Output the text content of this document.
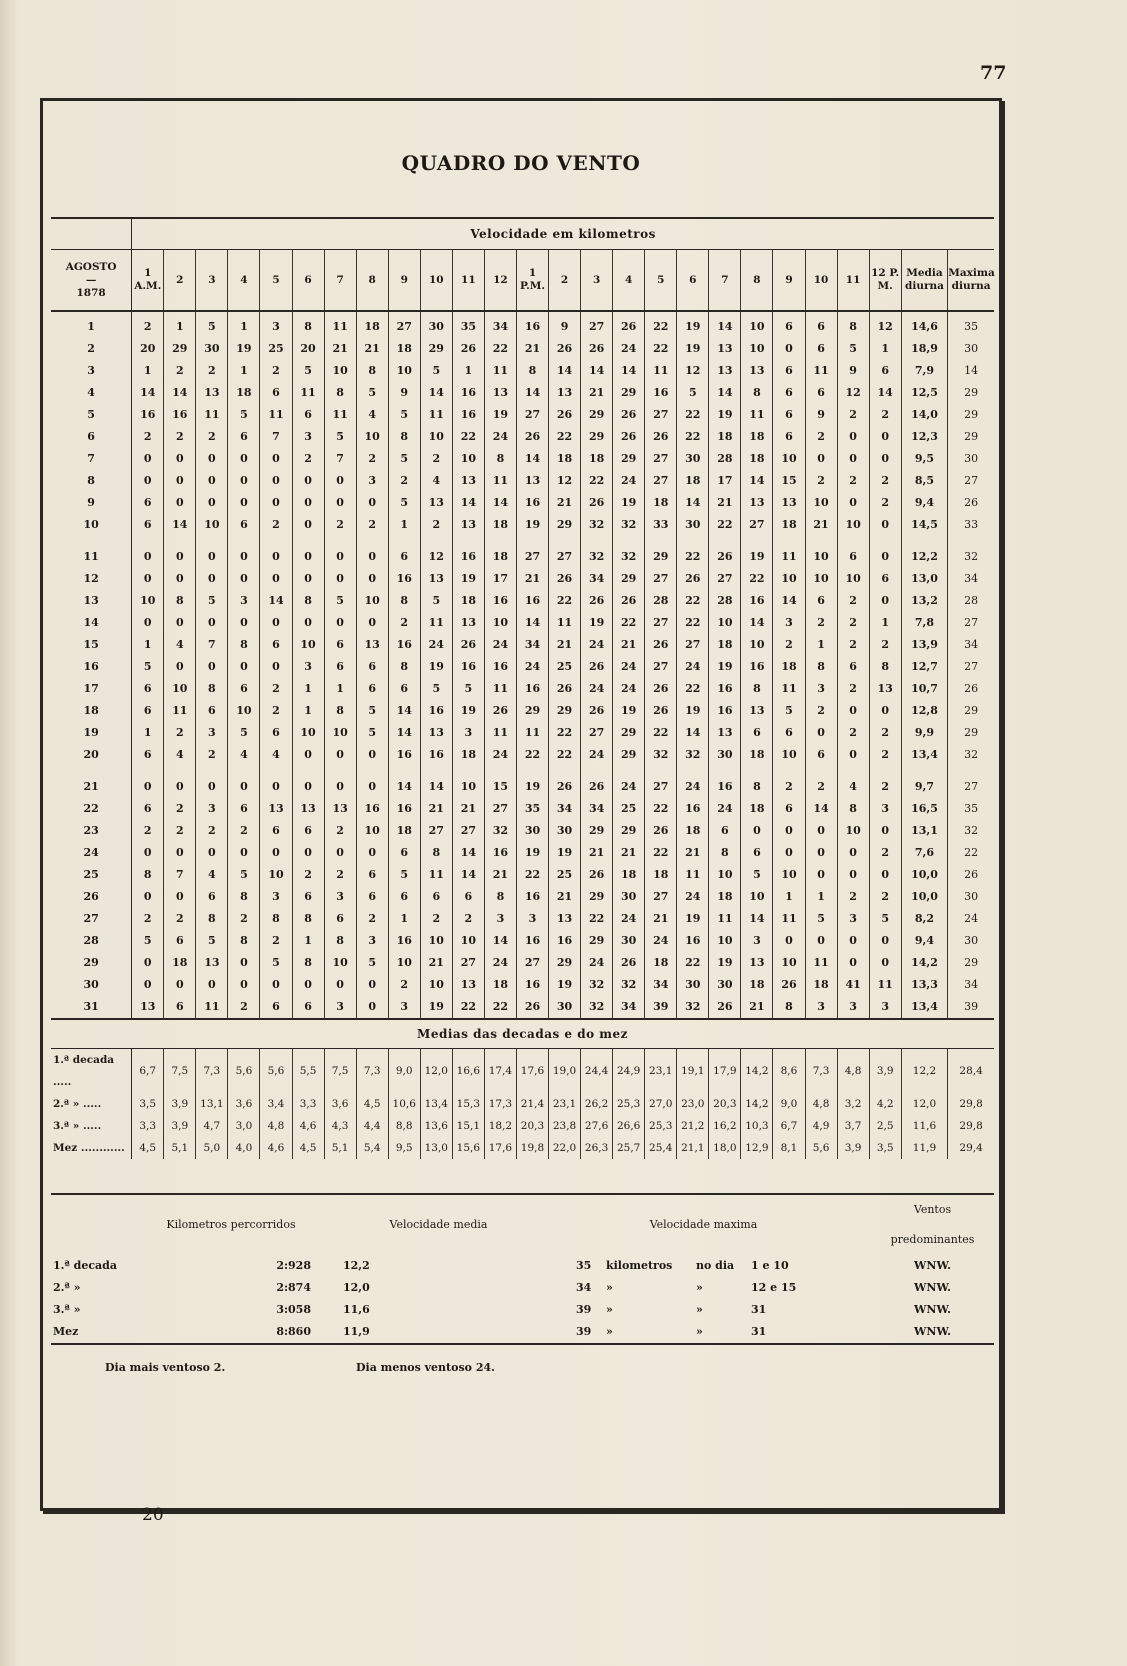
77
QUADRO DO VENTO
	Velocidade em kilometros																									
AGOSTO
—
1878	1 A.M.	2	3	4	5	6	7	8	9	10	11	12	1 P.M.	2	3	4	5	6	7	8	9	10	11	12 P. M.	Media diurna	Maxima diurna
1	2	1	5	1	3	8	11	18	27	30	35	34	16	9	27	26	22	19	14	10	6	6	8	12	14,6	35
2	20	29	30	19	25	20	21	21	18	29	26	22	21	26	26	24	22	19	13	10	0	6	5	1	18,9	30
3	1	2	2	1	2	5	10	8	10	5	1	11	8	14	14	14	11	12	13	13	6	11	9	6	7,9	14
4	14	14	13	18	6	11	8	5	9	14	16	13	14	13	21	29	16	5	14	8	6	6	12	14	12,5	29
5	16	16	11	5	11	6	11	4	5	11	16	19	27	26	29	26	27	22	19	11	6	9	2	2	14,0	29
6	2	2	2	6	7	3	5	10	8	10	22	24	26	22	29	26	26	22	18	18	6	2	0	0	12,3	29
7	0	0	0	0	0	2	7	2	5	2	10	8	14	18	18	29	27	30	28	18	10	0	0	0	9,5	30
8	0	0	0	0	0	0	0	3	2	4	13	11	13	12	22	24	27	18	17	14	15	2	2	2	8,5	27
9	6	0	0	0	0	0	0	0	5	13	14	14	16	21	26	19	18	14	21	13	13	10	0	2	9,4	26
10	6	14	10	6	2	0	2	2	1	2	13	18	19	29	32	32	33	30	22	27	18	21	10	0	14,5	33

11	0	0	0	0	0	0	0	0	6	12	16	18	27	27	32	32	29	22	26	19	11	10	6	0	12,2	32
12	0	0	0	0	0	0	0	0	16	13	19	17	21	26	34	29	27	26	27	22	10	10	10	6	13,0	34
13	10	8	5	3	14	8	5	10	8	5	18	16	16	22	26	26	28	22	28	16	14	6	2	0	13,2	28
14	0	0	0	0	0	0	0	0	2	11	13	10	14	11	19	22	27	22	10	14	3	2	2	1	7,8	27
15	1	4	7	8	6	10	6	13	16	24	26	24	34	21	24	21	26	27	18	10	2	1	2	2	13,9	34
16	5	0	0	0	0	3	6	6	8	19	16	16	24	25	26	24	27	24	19	16	18	8	6	8	12,7	27
17	6	10	8	6	2	1	1	6	6	5	5	11	16	26	24	24	26	22	16	8	11	3	2	13	10,7	26
18	6	11	6	10	2	1	8	5	14	16	19	26	29	29	26	19	26	19	16	13	5	2	0	0	12,8	29
19	1	2	3	5	6	10	10	5	14	13	3	11	11	22	27	29	22	14	13	6	6	0	2	2	9,9	29
20	6	4	2	4	4	0	0	0	16	16	18	24	22	22	24	29	32	32	30	18	10	6	0	2	13,4	32

21	0	0	0	0	0	0	0	0	14	14	10	15	19	26	26	24	27	24	16	8	2	2	4	2	9,7	27
22	6	2	3	6	13	13	13	16	16	21	21	27	35	34	34	25	22	16	24	18	6	14	8	3	16,5	35
23	2	2	2	2	6	6	2	10	18	27	27	32	30	30	29	29	26	18	6	0	0	0	10	0	13,1	32
24	0	0	0	0	0	0	0	0	6	8	14	16	19	19	21	21	22	21	8	6	0	0	0	2	7,6	22
25	8	7	4	5	10	2	2	6	5	11	14	21	22	25	26	18	18	11	10	5	10	0	0	0	10,0	26
26	0	0	6	8	3	6	3	6	6	6	6	8	16	21	29	30	27	24	18	10	1	1	2	2	10,0	30
27	2	2	8	2	8	8	6	2	1	2	2	3	3	13	22	24	21	19	11	14	11	5	3	5	8,2	24
28	5	6	5	8	2	1	8	3	16	10	10	14	16	16	29	30	24	16	10	3	0	0	0	0	9,4	30
29	0	18	13	0	5	8	10	5	10	21	27	24	27	29	24	26	18	22	19	13	10	11	0	0	14,2	29
30	0	0	0	0	0	0	0	0	2	10	13	18	16	19	32	32	34	30	30	18	26	18	41	11	13,3	34
31	13	6	11	2	6	6	3	0	3	19	22	22	26	30	32	34	39	32	26	21	8	3	3	3	13,4	39
Medias das decadas e do mez																										
1.ª decada .....	6,7	7,5	7,3	5,6	5,6	5,5	7,5	7,3	9,0	12,0	16,6	17,4	17,6	19,0	24,4	24,9	23,1	19,1	17,9	14,2	8,6	7,3	4,8	3,9	12,2	28,4
2.ª » .....	3,5	3,9	13,1	3,6	3,4	3,3	3,6	4,5	10,6	13,4	15,3	17,3	21,4	23,1	26,2	25,3	27,0	23,0	20,3	14,2	9,0	4,8	3,2	4,2	12,0	29,8
3.ª » .....	3,3	3,9	4,7	3,0	4,8	4,6	4,3	4,4	8,8	13,6	15,1	18,2	20,3	23,8	27,6	26,6	25,3	21,2	16,2	10,3	6,7	4,9	3,7	2,5	11,6	29,8
Mez ............	4,5	5,1	5,0	4,0	4,6	4,5	5,1	5,4	9,5	13,0	15,6	17,6	19,8	22,0	26,3	25,7	25,4	21,1	18,0	12,9	8,1	5,6	3,9	3,5	11,9	29,4
	Kilometros percorridos	Velocidade media	Velocidade maxima	Ventos predominantes
1.ª decada	2:928	12,2	35 kilometros no dia 1 e 10	WNW.
2.ª »	2:874	12,0	34 » » 12 e 15	WNW.
3.ª »	3:058	11,6	39 » » 31	WNW.
Mez	8:860	11,9	39 » » 31	WNW.
Dia mais ventoso 2.	Dia menos ventoso 24.
20
